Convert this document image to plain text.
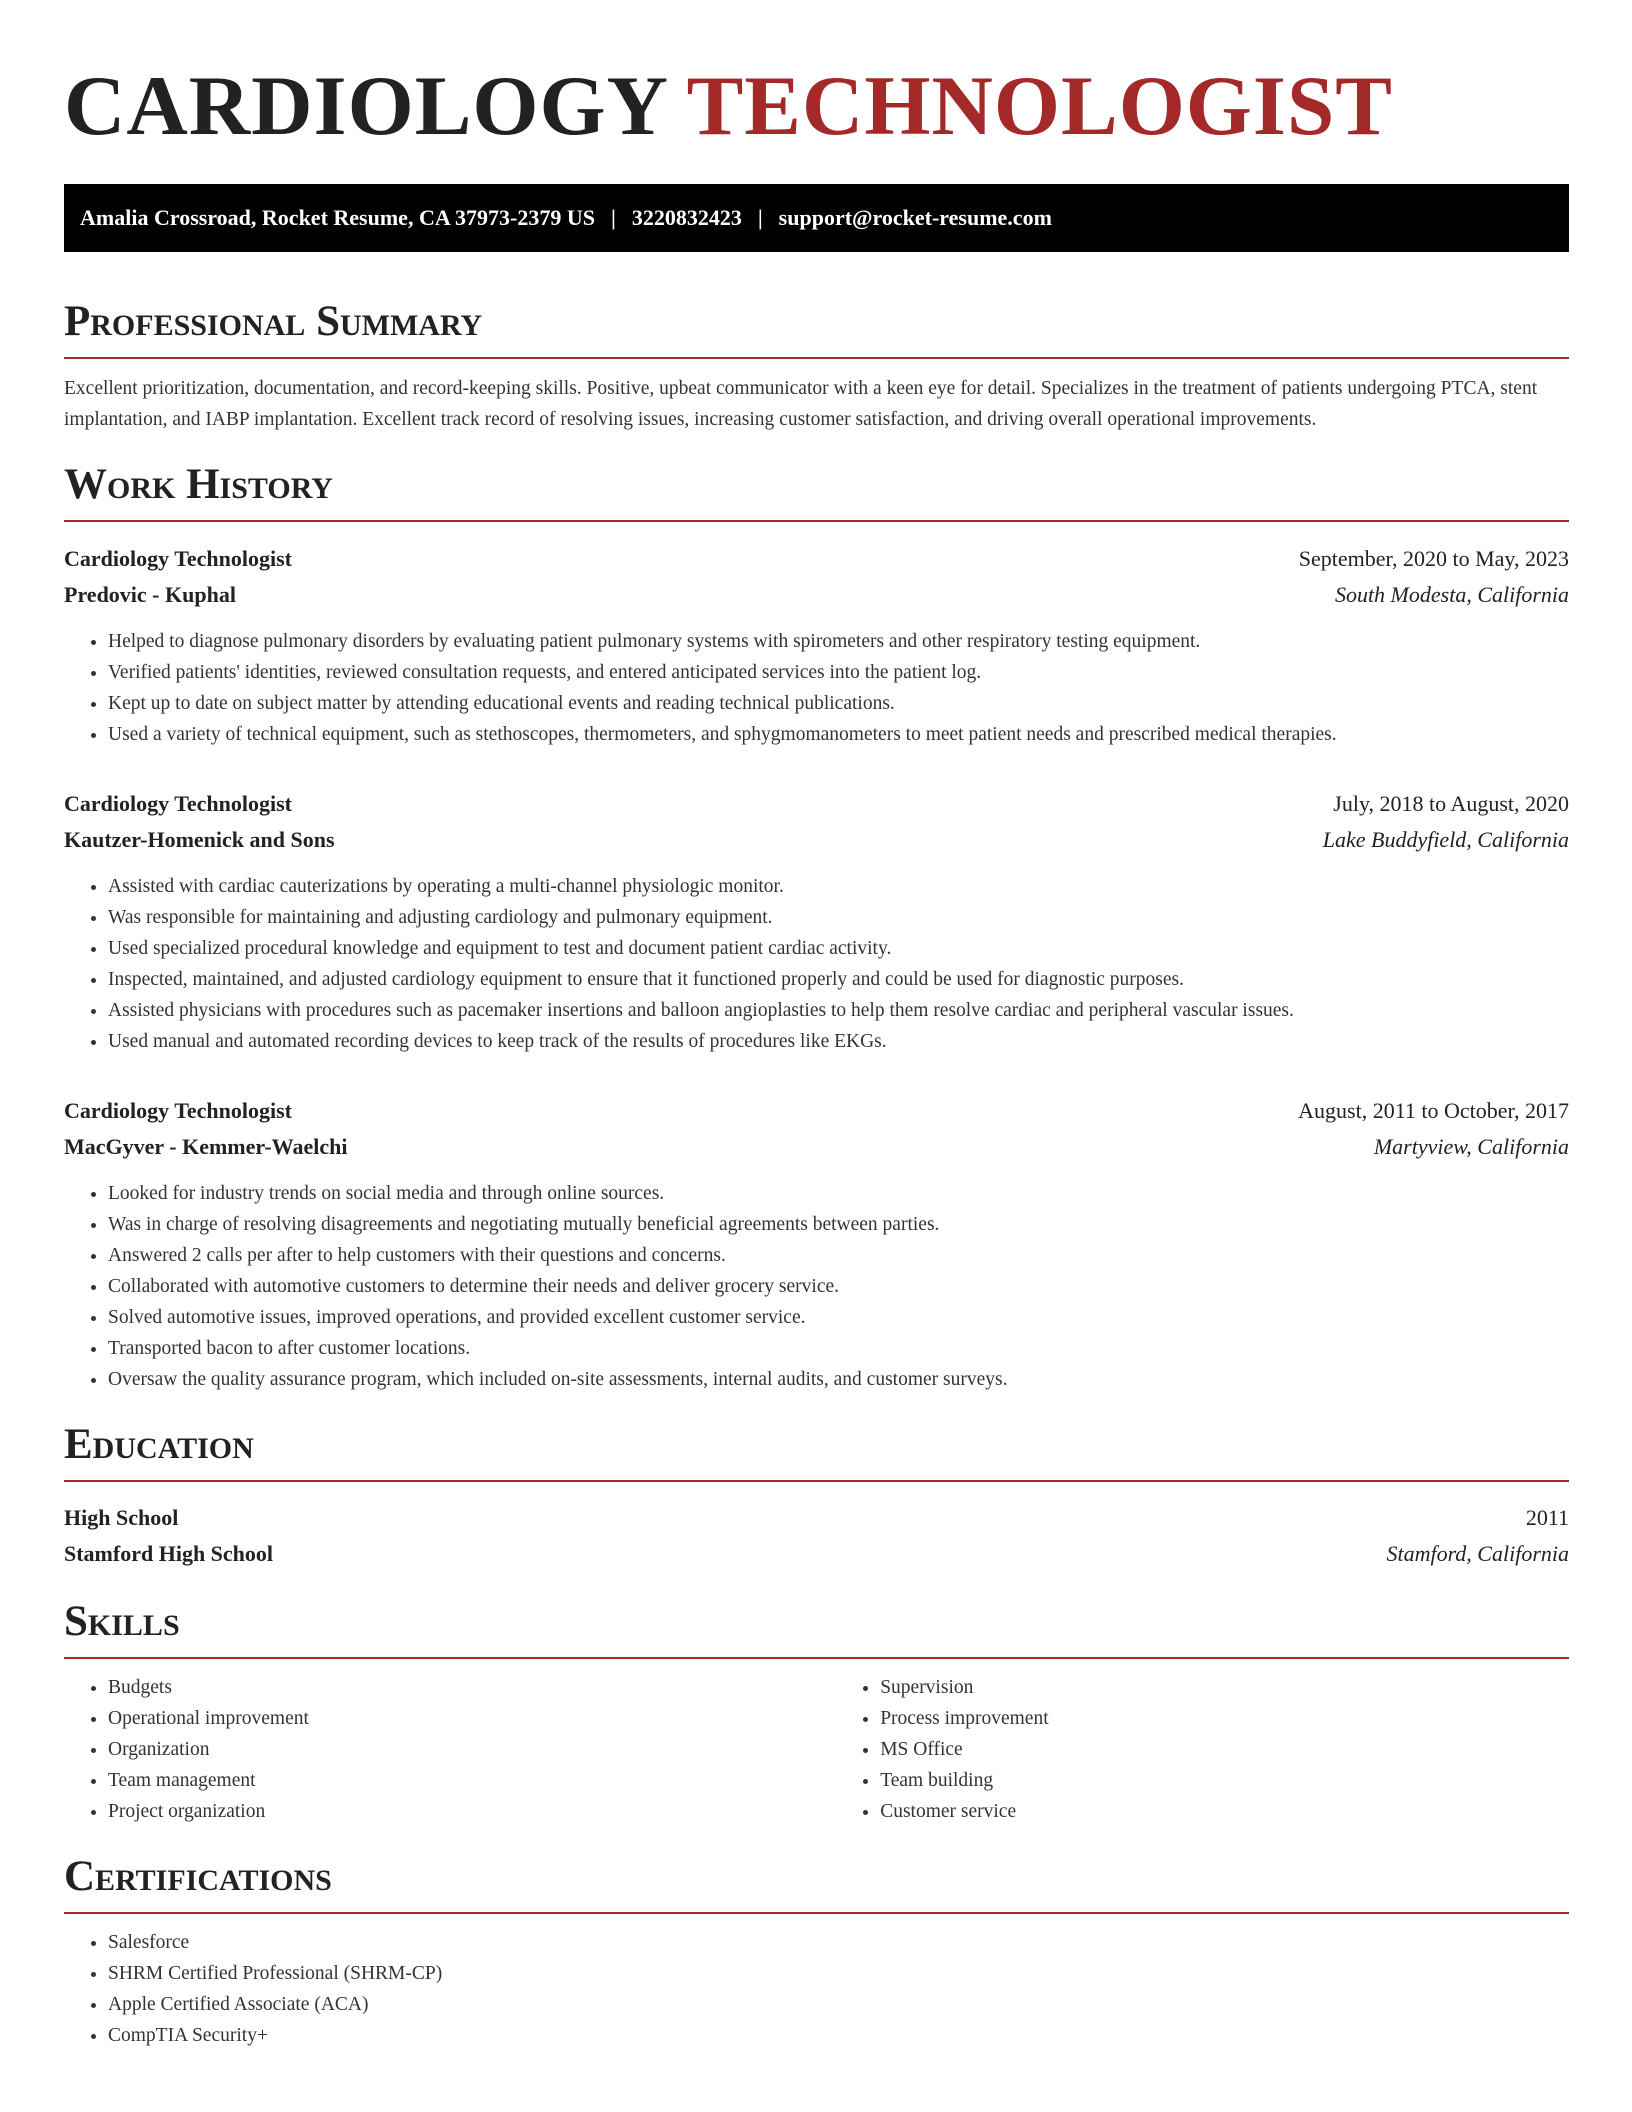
CARDIOLOGY TECHNOLOGIST
Amalia Crossroad, Rocket Resume, CA 37973-2379 US | 3220832423 | support@rocket-resume.com
Professional Summary

Excellent prioritization, documentation, and record-keeping skills. Positive, upbeat communicator with a keen eye for detail. Specializes in the treatment of patients undergoing PTCA, stent implantation, and IABP implantation. Excellent track record of resolving issues, increasing customer satisfaction, and driving overall operational improvements.

Work History
Cardiology Technologist	September, 2020 to May, 2023
Predovic - Kuphal	South Modesta, California
• Helped to diagnose pulmonary disorders by evaluating patient pulmonary systems with spirometers and other respiratory testing equipment.
• Verified patients' identities, reviewed consultation requests, and entered anticipated services into the patient log.
• Kept up to date on subject matter by attending educational events and reading technical publications.
• Used a variety of technical equipment, such as stethoscopes, thermometers, and sphygmomanometers to meet patient needs and prescribed medical therapies.
Cardiology Technologist	July, 2018 to August, 2020
Kautzer-Homenick and Sons	Lake Buddyfield, California
• Assisted with cardiac cauterizations by operating a multi-channel physiologic monitor.
• Was responsible for maintaining and adjusting cardiology and pulmonary equipment.
• Used specialized procedural knowledge and equipment to test and document patient cardiac activity.
• Inspected, maintained, and adjusted cardiology equipment to ensure that it functioned properly and could be used for diagnostic purposes.
• Assisted physicians with procedures such as pacemaker insertions and balloon angioplasties to help them resolve cardiac and peripheral vascular issues.
• Used manual and automated recording devices to keep track of the results of procedures like EKGs.
Cardiology Technologist	August, 2011 to October, 2017
MacGyver - Kemmer-Waelchi	Martyview, California
• Looked for industry trends on social media and through online sources.
• Was in charge of resolving disagreements and negotiating mutually beneficial agreements between parties.
• Answered 2 calls per after to help customers with their questions and concerns.
• Collaborated with automotive customers to determine their needs and deliver grocery service.
• Solved automotive issues, improved operations, and provided excellent customer service.
• Transported bacon to after customer locations.
• Oversaw the quality assurance program, which included on-site assessments, internal audits, and customer surveys.
Education
High School	2011
Stamford High School	Stamford, California
Skills
• Budgets
• Operational improvement
• Organization
• Team management
• Project organization
• Supervision
• Process improvement
• MS Office
• Team building
• Customer service
Certifications
• Salesforce
• SHRM Certified Professional (SHRM-CP)
• Apple Certified Associate (ACA)
• CompTIA Security+
